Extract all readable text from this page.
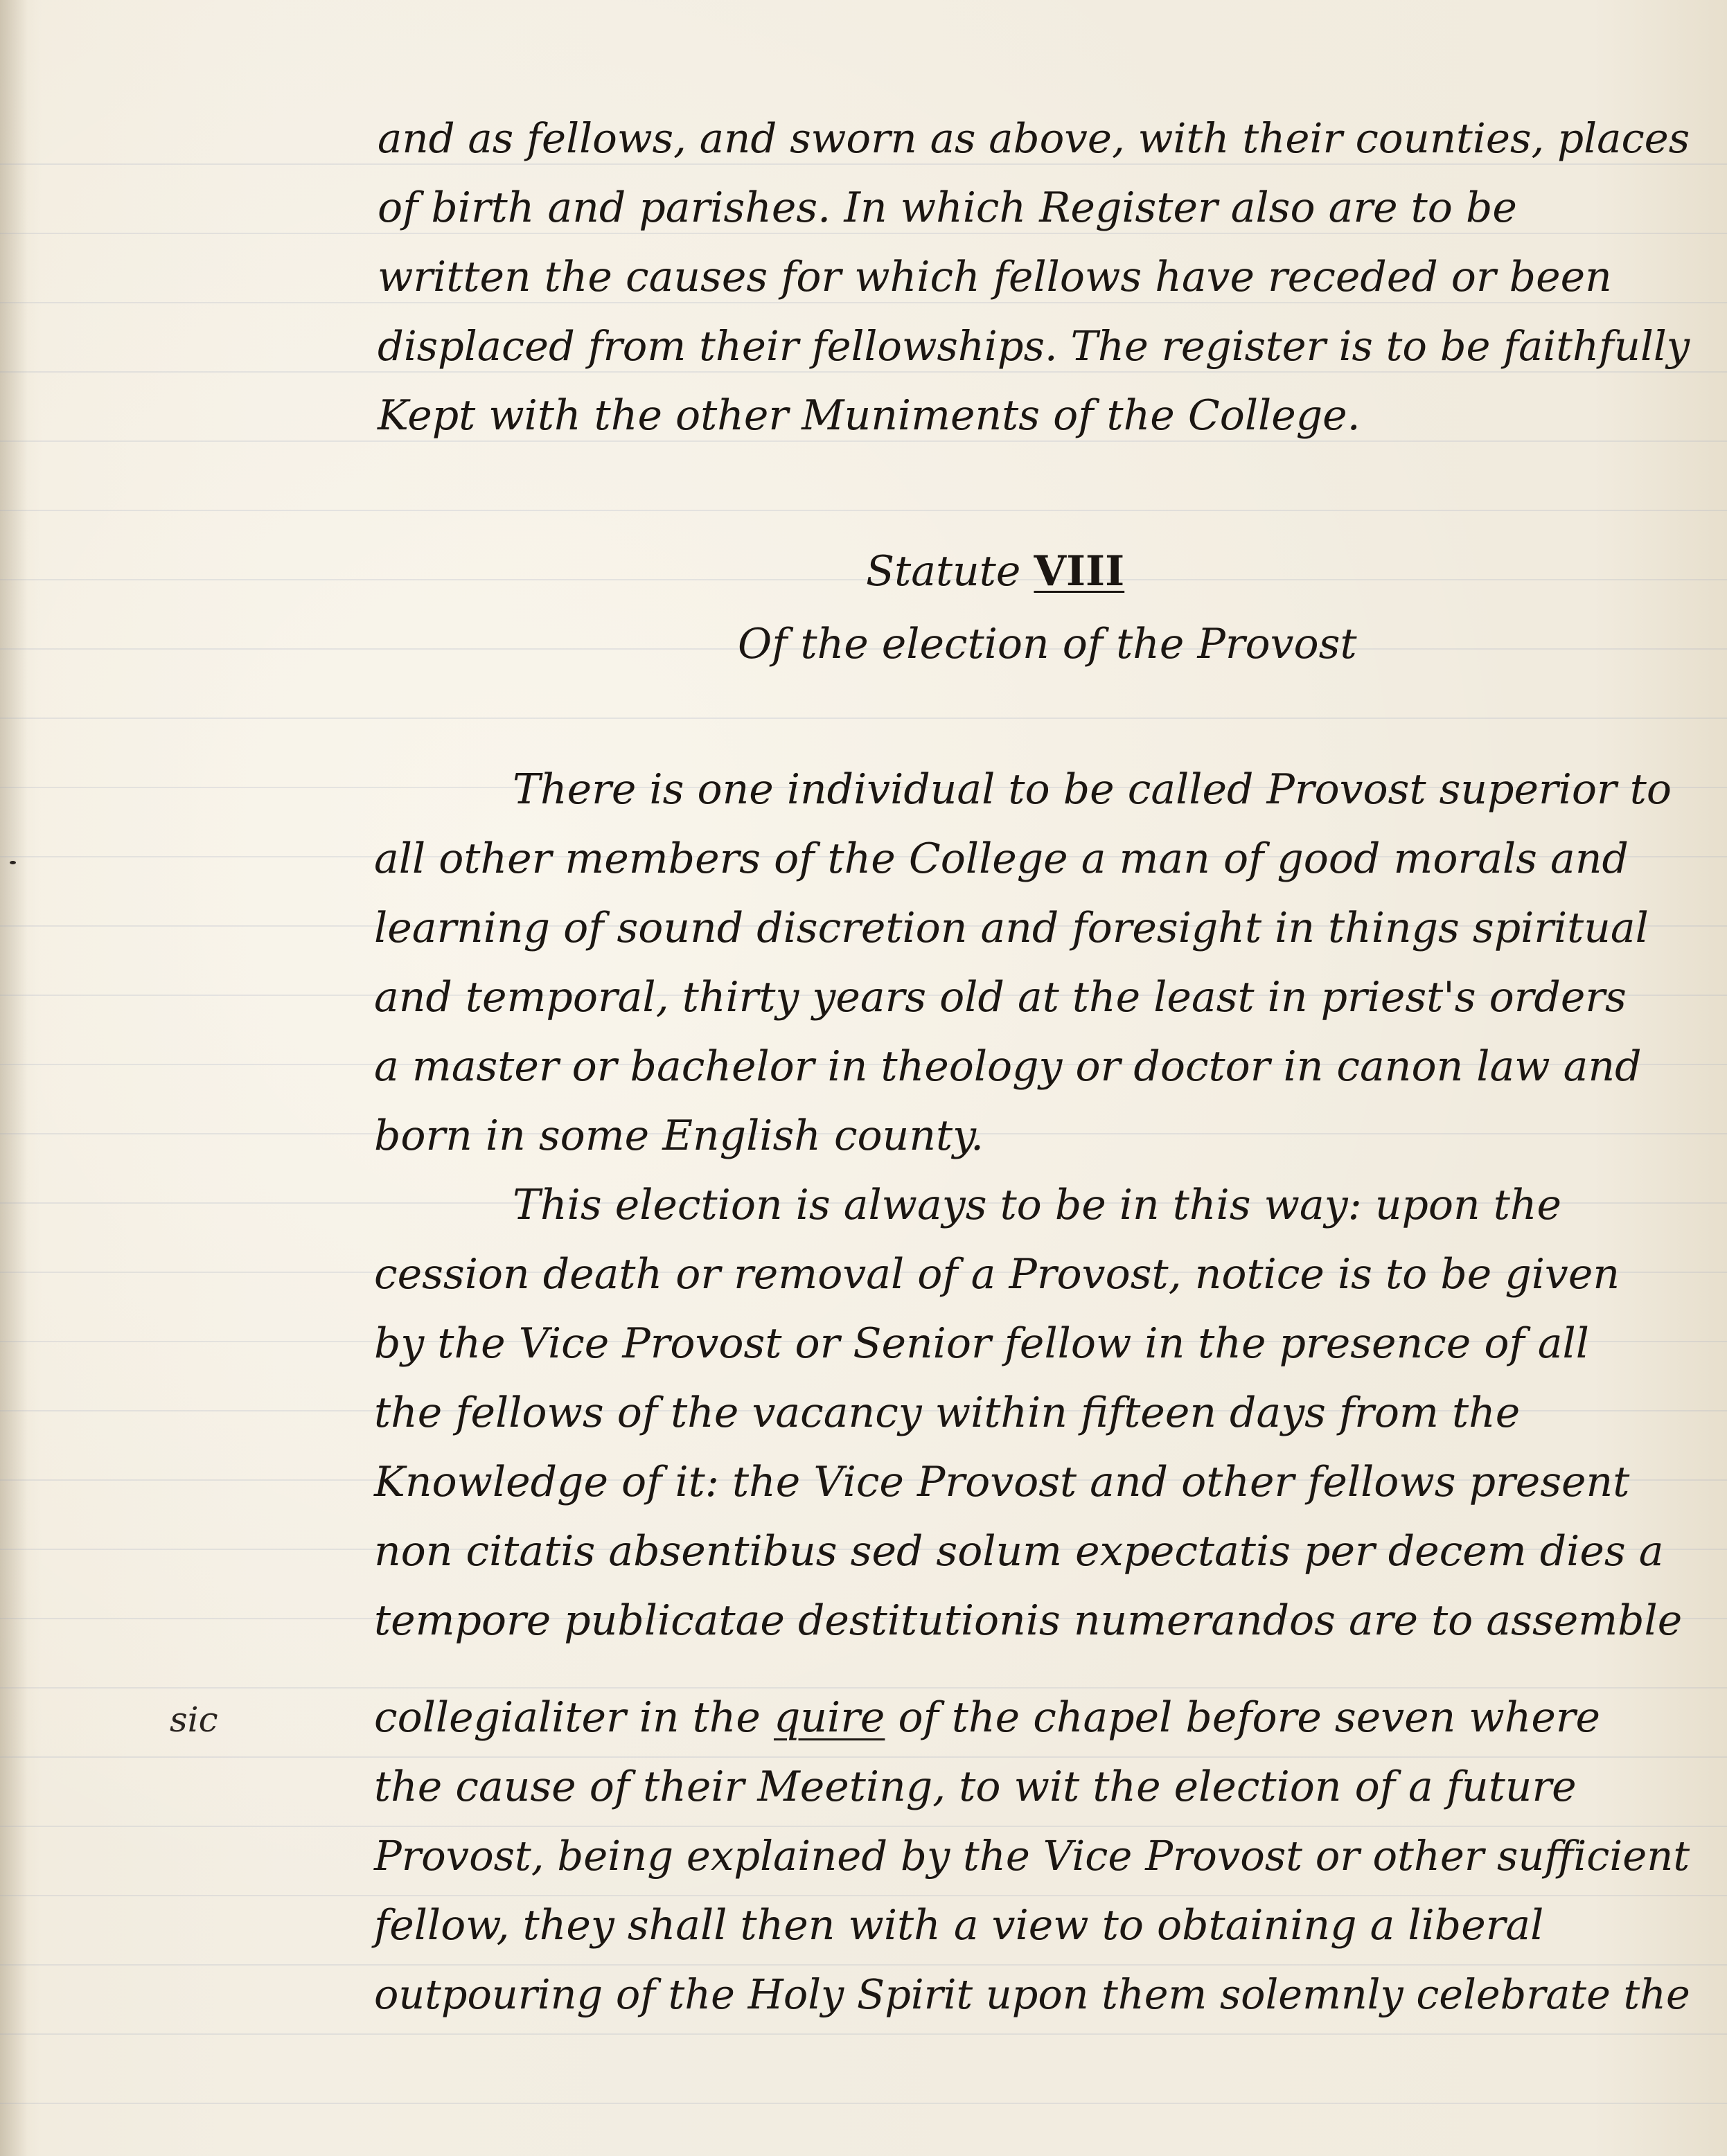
and as fellows, and sworn as above, with their counties, places
of birth and parishes. In which Register also are to be
written the causes for which fellows have receded or been
displaced from their fellowships. The register is to be faithfully
Kept with the other Muniments of the College.
Statute VIII
Of the election of the Provost
There is one individual to be called Provost superior to
all other members of the College a man of good morals and
learning of sound discretion and foresight in things spiritual
and temporal, thirty years old at the least in priest's orders
a master or bachelor in theology or doctor in canon law and
born in some English county.
This election is always to be in this way: upon the
cession death or removal of a Provost, notice is to be given
by the Vice Provost or Senior fellow in the presence of all
the fellows of the vacancy within fifteen days from the
Knowledge of it: the Vice Provost and other fellows present
non citatis absentibus sed solum expectatis per decem dies a
tempore publicatae destitutionis numerandos are to assemble
collegialiter in the quire of the chapel before seven where
the cause of their Meeting, to wit the election of a future
Provost, being explained by the Vice Provost or other sufficient
fellow, they shall then with a view to obtaining a liberal
outpouring of the Holy Spirit upon them solemnly celebrate the
sic
